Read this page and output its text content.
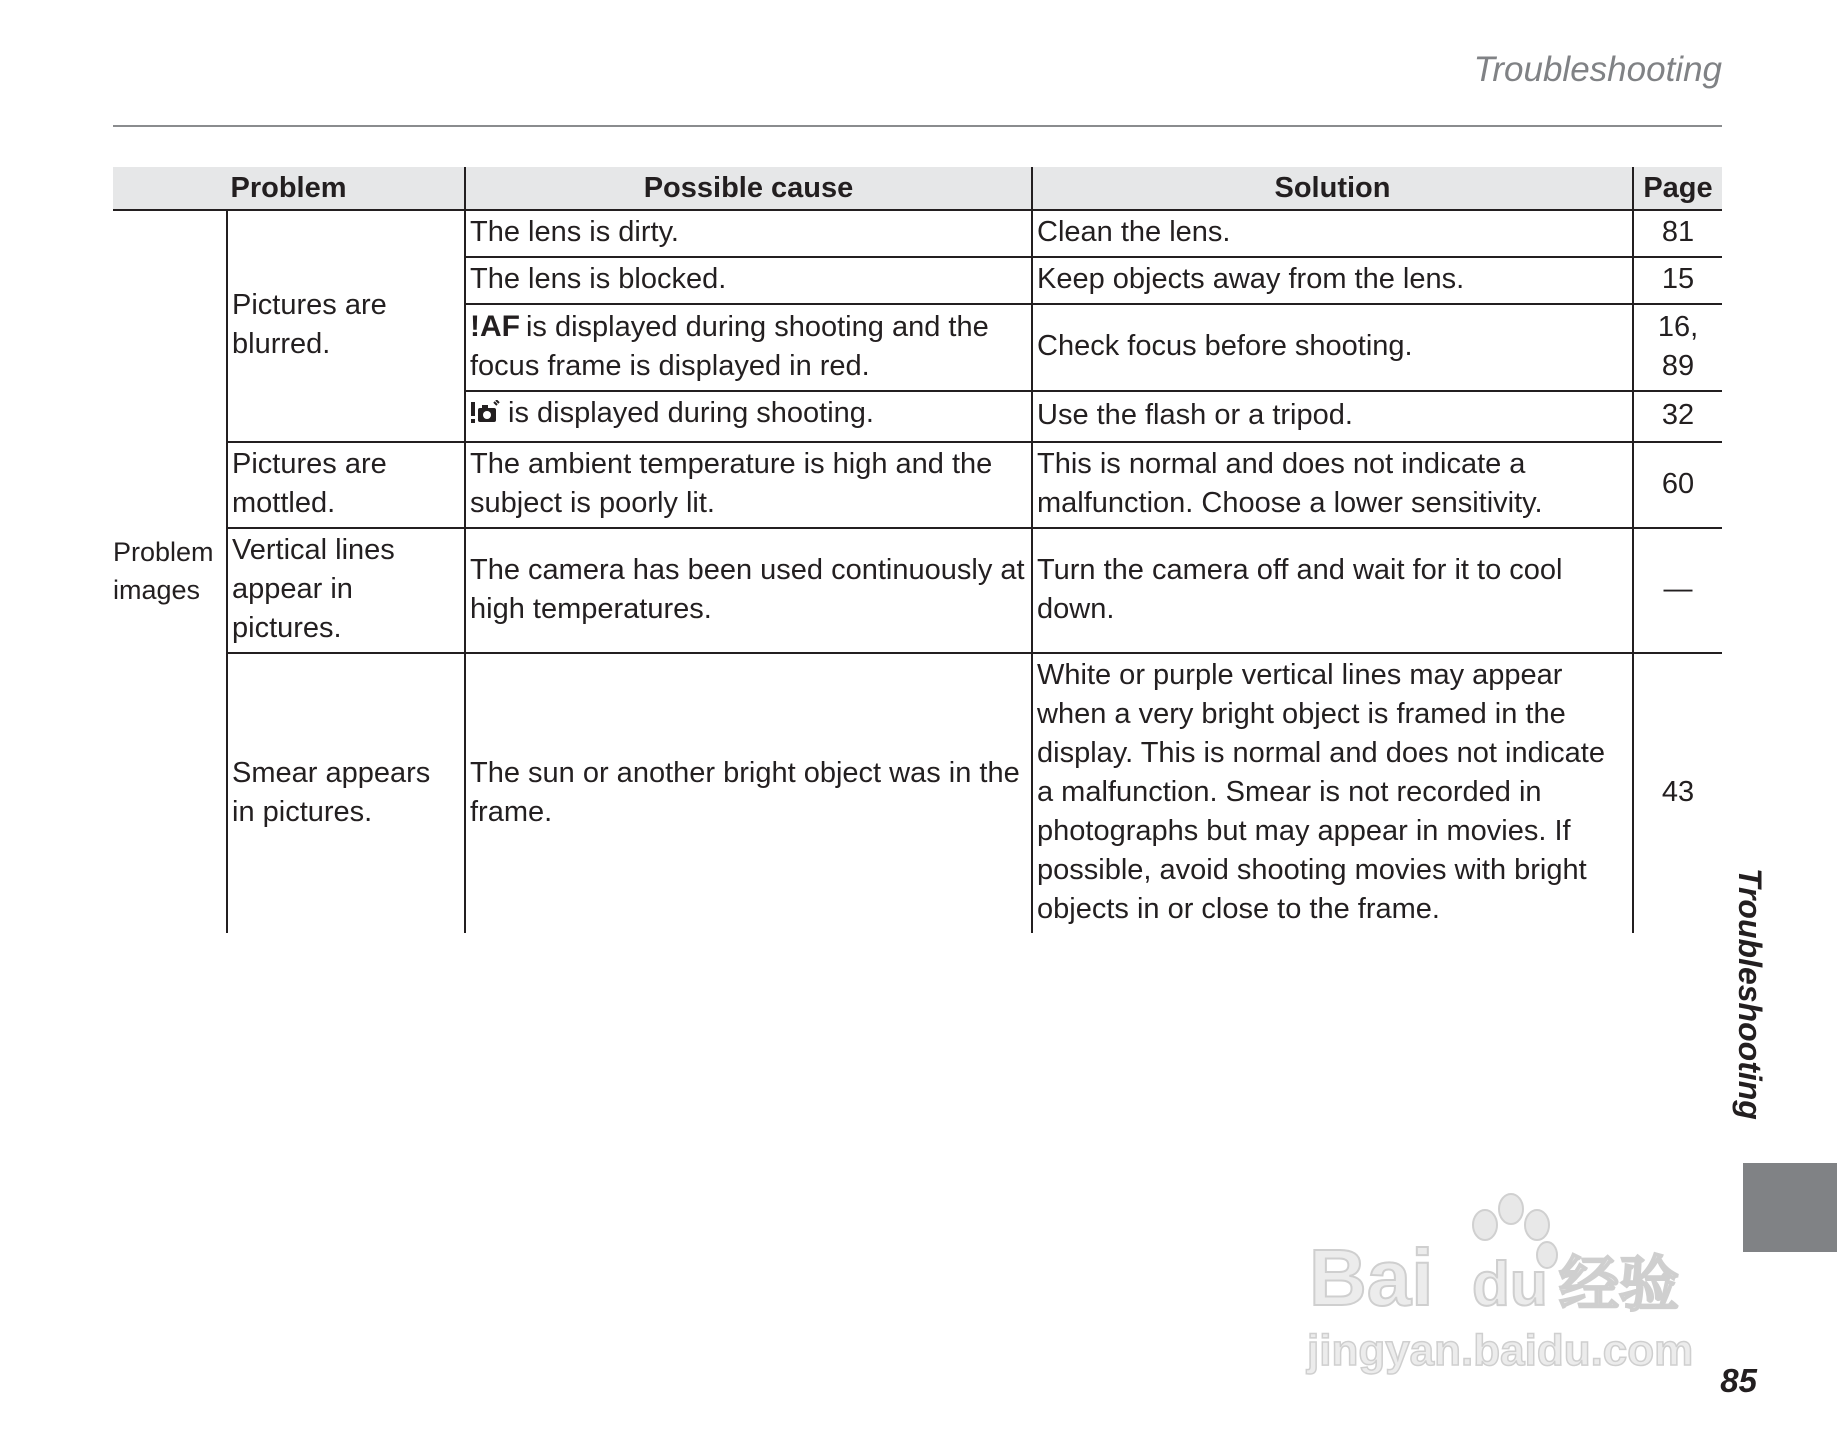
Troubleshooting
Problem		Possible cause	Solution	Page
Problem images	Pictures are blurred.	The lens is dirty.	Clean the lens.	81
		The lens is blocked.	Keep objects away from the lens.	15
		!AF is displayed during shooting and the focus frame is displayed in red.	Check focus before shooting.	16, 89
		is displayed during shooting.	Use the flash or a tripod.	32
	Pictures are mottled.	The ambient temperature is high and the subject is poorly lit.	This is normal and does not indicate a malfunction. Choose a lower sensitivity.	60
	Vertical lines appear in pictures.	The camera has been used continuously at high temperatures.	Turn the camera off and wait for it to cool down.	—
	Smear appears in pictures.	The sun or another bright object was in the frame.	White or purple vertical lines may appear when a very bright object is framed in the display. This is normal and does not indicate a malfunction. Smear is not recorded in photographs but may appear in movies. If possible, avoid shooting movies with bright objects in or close to the frame.	43
Troubleshooting
Bai du 经验
jingyan.baidu.com
85
